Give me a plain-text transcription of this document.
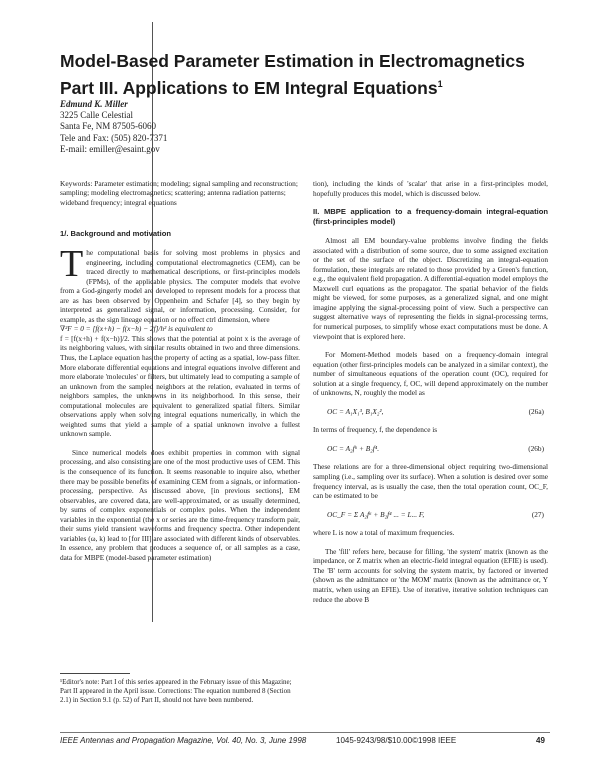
Model-Based Parameter Estimation in Electromagnetics Part III. Applications to EM Integral Equations$^1$
Edmund K. Miller
3225 Calle Celestial
Santa Fe, NM 87505-6060
Tele and Fax: (505) 820-7371
E-mail: emiller@esaint.gov
Keywords: Parameter estimation; modeling; signal sampling and reconstruction; sampling; modeling electromagnetics; scattering; antenna radiation patterns; wideband frequency; integral equations
1/. Background and motivation

The computational basis for solving most problems in physics and engineering, including computational electromagnetics (CEM), can be traced directly to mathematical descriptions, or first-principles models (FPMs), of the applicable physics. The computer models that evolve from a God-gingerly model are developed to represent models for a process that are as has been observed by Oppenheim and Schafer [4], so they begin by interpreted as generalized signal, or information, processing. Consider, for example, as the sign lineage equation or no effect ctrl dimension, where

∇²F = 0 = [f(x+h) − f(x−h) − 2f]/h² is equivalent to

f = [f(x+h) + f(x−h)]/2. This shows that the potential at point x is the average of its neighboring values, with similar results obtained in two and three dimensions. Thus, the Laplace equation has the property of acting as a spatial, low-pass filter. More elaborate differential equations and integral equations involve different and more elaborate 'molecules' or filters, but ultimately lead to computing a sample of an unknown from the sampled neighbors at the relation, evaluated in terms of neighbors samples, the unknowns in its neighborhood. In this sense, their computational molecules are equivalent to generalized spatial filters. Similar observations apply when solving integral equations numerically, in which the weighted sums that yield a sample of a spatial unknown involve a fullest unknown sample.

Since numerical models does exhibit properties in common with signal processing, and also consisting are one of the most productive uses of CEM. This is the consequence of its function. It seems reasonable to inquire also, whether there may be possible benefits of examining CEM from a signals, or information-processing, perspective. As discussed above, [in previous sections], EM observables, are covered data, are well-approximated, or as usually determined, by sums of complex exponentials or complex poles. When the independent variables in the exponential (the x or series are the time-frequency transform pair, their sums yield transient waveforms and frequency spectra. Other independent variables (ω, k) lead to [for III] are associated with different kinds of observables. In essence, any problem that produces a sequence of, or all samples as a case, data for MBPE (model-based parameter estimation)

¹Editor's note: Part I of this series appeared in the February issue of this Magazine; Part II appeared in the April issue. Corrections: The equation numbered 8 (Section 2.1) in Section 9.1 (p. 52) of Part II, should not have been numbered.

tion), including the kinds of 'scalar' that arise in a first-principles model, hopefully produces this model, which is discussed below.

II. MBPE application to a frequency-domain integral-equation (first-principles model)

Almost all EM boundary-value problems involve finding the fields associated with a distribution of some source, due to some assigned excitation or the set of the surface of the object. Discretizing an integral-equation formulation, these integrals are related to those provided by a Green's function, e.g., the equivalent field propagation. A differential-equation model employs the Maxwell curl equations as the propagator. The spatial behavior of the fields might be viewed, for some purposes, as a generalized signal, and one might imagine applying the signal-processing point of view. Such a perspective can suggest alternative ways of representing the fields in signal-processing terms, for numerical purposes, to simplify whose exact computations must be done. A viewpoint that is explored here.

For Moment-Method models based on a frequency-domain integral equation (other first-principles models can be analyzed in a similar context), the number of simultaneous equations of the operation count (OC), required for solution at a single frequency, f, OC, will depend approximately on the number of unknowns, N, roughly the model as

OC = A₁X₁³, B₁X₂²,	(26a)

In terms of frequency, f, the dependence is

OC = A₂f⁶ + B₂f⁴.	(26b)

These relations are for a three-dimensional object requiring two-dimensional sampling (i.e., sampling over its surface). When a solution is desired over some frequency interval, as is usually the case, then the total operation count, OC_F, can be estimated to be

OC_F = Σ A₂f⁶ + B₂f⁴ ... = L... F,	(27)

where L is now a total of maximum frequencies.

The 'fill' refers here, because for filling, 'the system' matrix (known as the impedance, or Z matrix when an electric-field integral equation (EFIE) is used). The 'B' term accounts for solving the system matrix, by factored or inverted (shown as the admittance or 'the MOM' matrix (known as the admittance or, Y matrix, when using an EFIE). Use of iterative, iterative solution techniques can reduce the above B

IEEE Antennas and Propagation Magazine, Vol. 40, No. 3, June 1998	1045-9243/98/$10.00©1998 IEEE	49
